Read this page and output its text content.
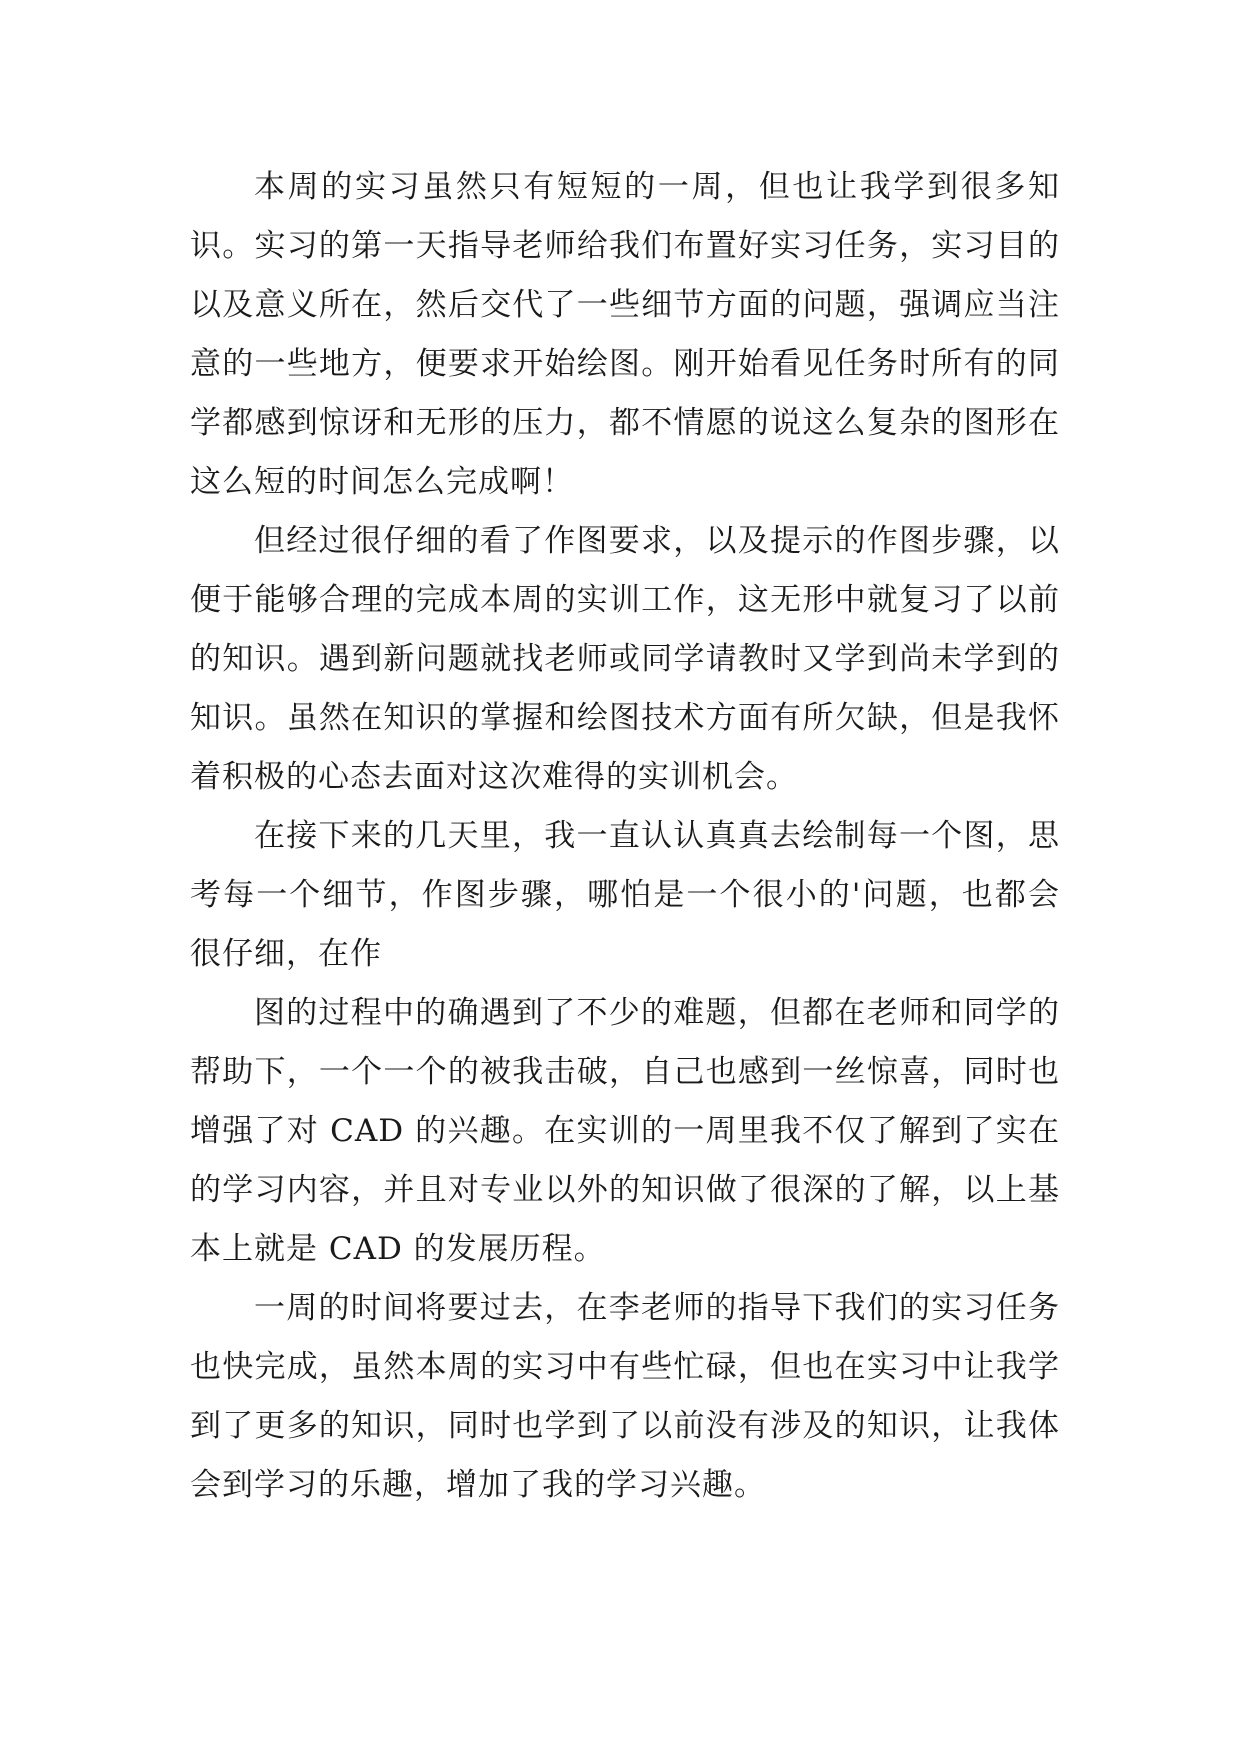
本周的实习虽然只有短短的一周，但也让我学到很多知识。实习的第一天指导老师给我们布置好实习任务，实习目的以及意义所在，然后交代了一些细节方面的问题，强调应当注意的一些地方，便要求开始绘图。刚开始看见任务时所有的同学都感到惊讶和无形的压力，都不情愿的说这么复杂的图形在这么短的时间怎么完成啊！

但经过很仔细的看了作图要求，以及提示的作图步骤，以便于能够合理的完成本周的实训工作，这无形中就复习了以前的知识。遇到新问题就找老师或同学请教时又学到尚未学到的知识。虽然在知识的掌握和绘图技术方面有所欠缺，但是我怀着积极的心态去面对这次难得的实训机会。

在接下来的几天里，我一直认认真真去绘制每一个图，思考每一个细节，作图步骤，哪怕是一个很小的'问题，也都会很仔细，在作

图的过程中的确遇到了不少的难题，但都在老师和同学的帮助下，一个一个的被我击破，自己也感到一丝惊喜，同时也增强了对 CAD 的兴趣。在实训的一周里我不仅了解到了实在的学习内容，并且对专业以外的知识做了很深的了解，以上基本上就是 CAD 的发展历程。

一周的时间将要过去，在李老师的指导下我们的实习任务也快完成，虽然本周的实习中有些忙碌，但也在实习中让我学到了更多的知识，同时也学到了以前没有涉及的知识，让我体会到学习的乐趣，增加了我的学习兴趣。
